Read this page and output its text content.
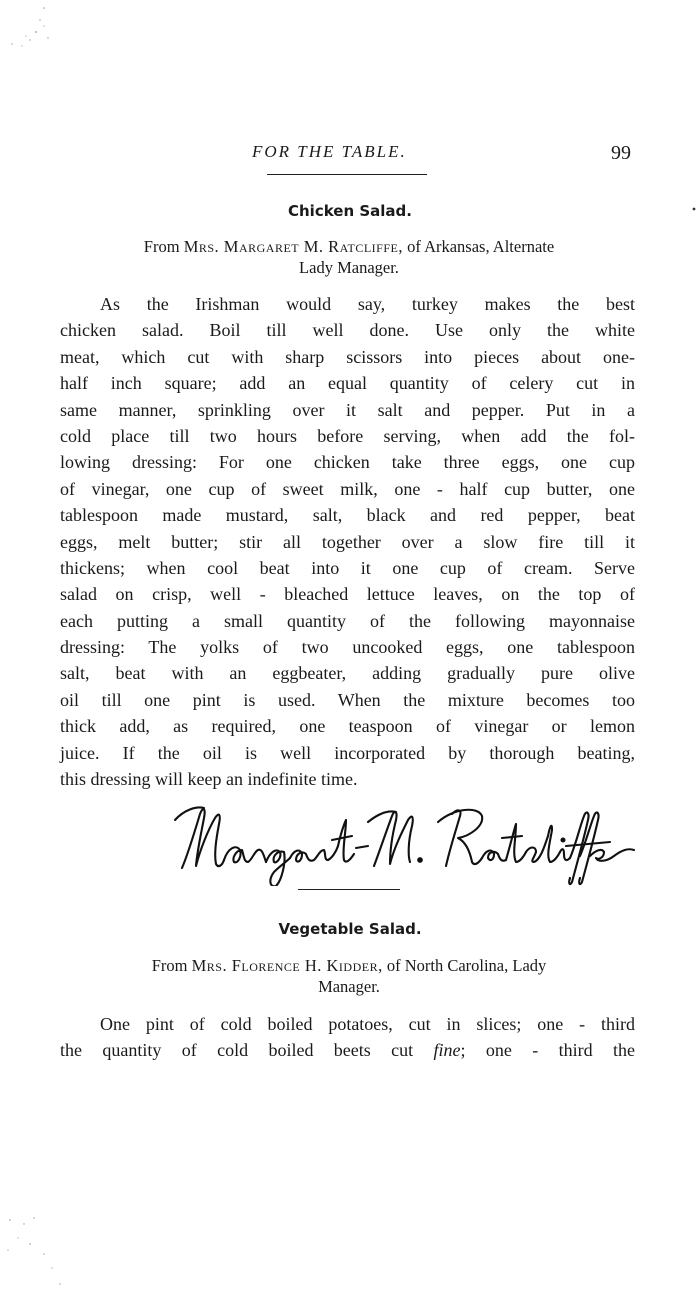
FOR THE TABLE.	99
Chicken Salad.
From Mrs. Margaret M. Ratcliffe, of Arkansas, Alternate
Lady Manager.
As the Irishman would say, turkey makes the best
chicken salad. Boil till well done. Use only the white
meat, which cut with sharp scissors into pieces about one-
half inch square; add an equal quantity of celery cut in
same manner, sprinkling over it salt and pepper. Put in a
cold place till two hours before serving, when add the fol-
lowing dressing: For one chicken take three eggs, one cup
of vinegar, one cup of sweet milk, one - half cup butter, one
tablespoon made mustard, salt, black and red pepper, beat
eggs, melt butter; stir all together over a slow fire till it
thickens; when cool beat into it one cup of cream. Serve
salad on crisp, well - bleached lettuce leaves, on the top of
each putting a small quantity of the following mayonnaise
dressing: The yolks of two uncooked eggs, one tablespoon
salt, beat with an eggbeater, adding gradually pure olive
oil till one pint is used. When the mixture becomes too
thick add, as required, one teaspoon of vinegar or lemon
juice. If the oil is well incorporated by thorough beating,
this dressing will keep an indefinite time.
Vegetable Salad.
From Mrs. Florence H. Kidder, of North Carolina, Lady
Manager.
One pint of cold boiled potatoes, cut in slices; one - third
the quantity of cold boiled beets cut fine; one - third the
